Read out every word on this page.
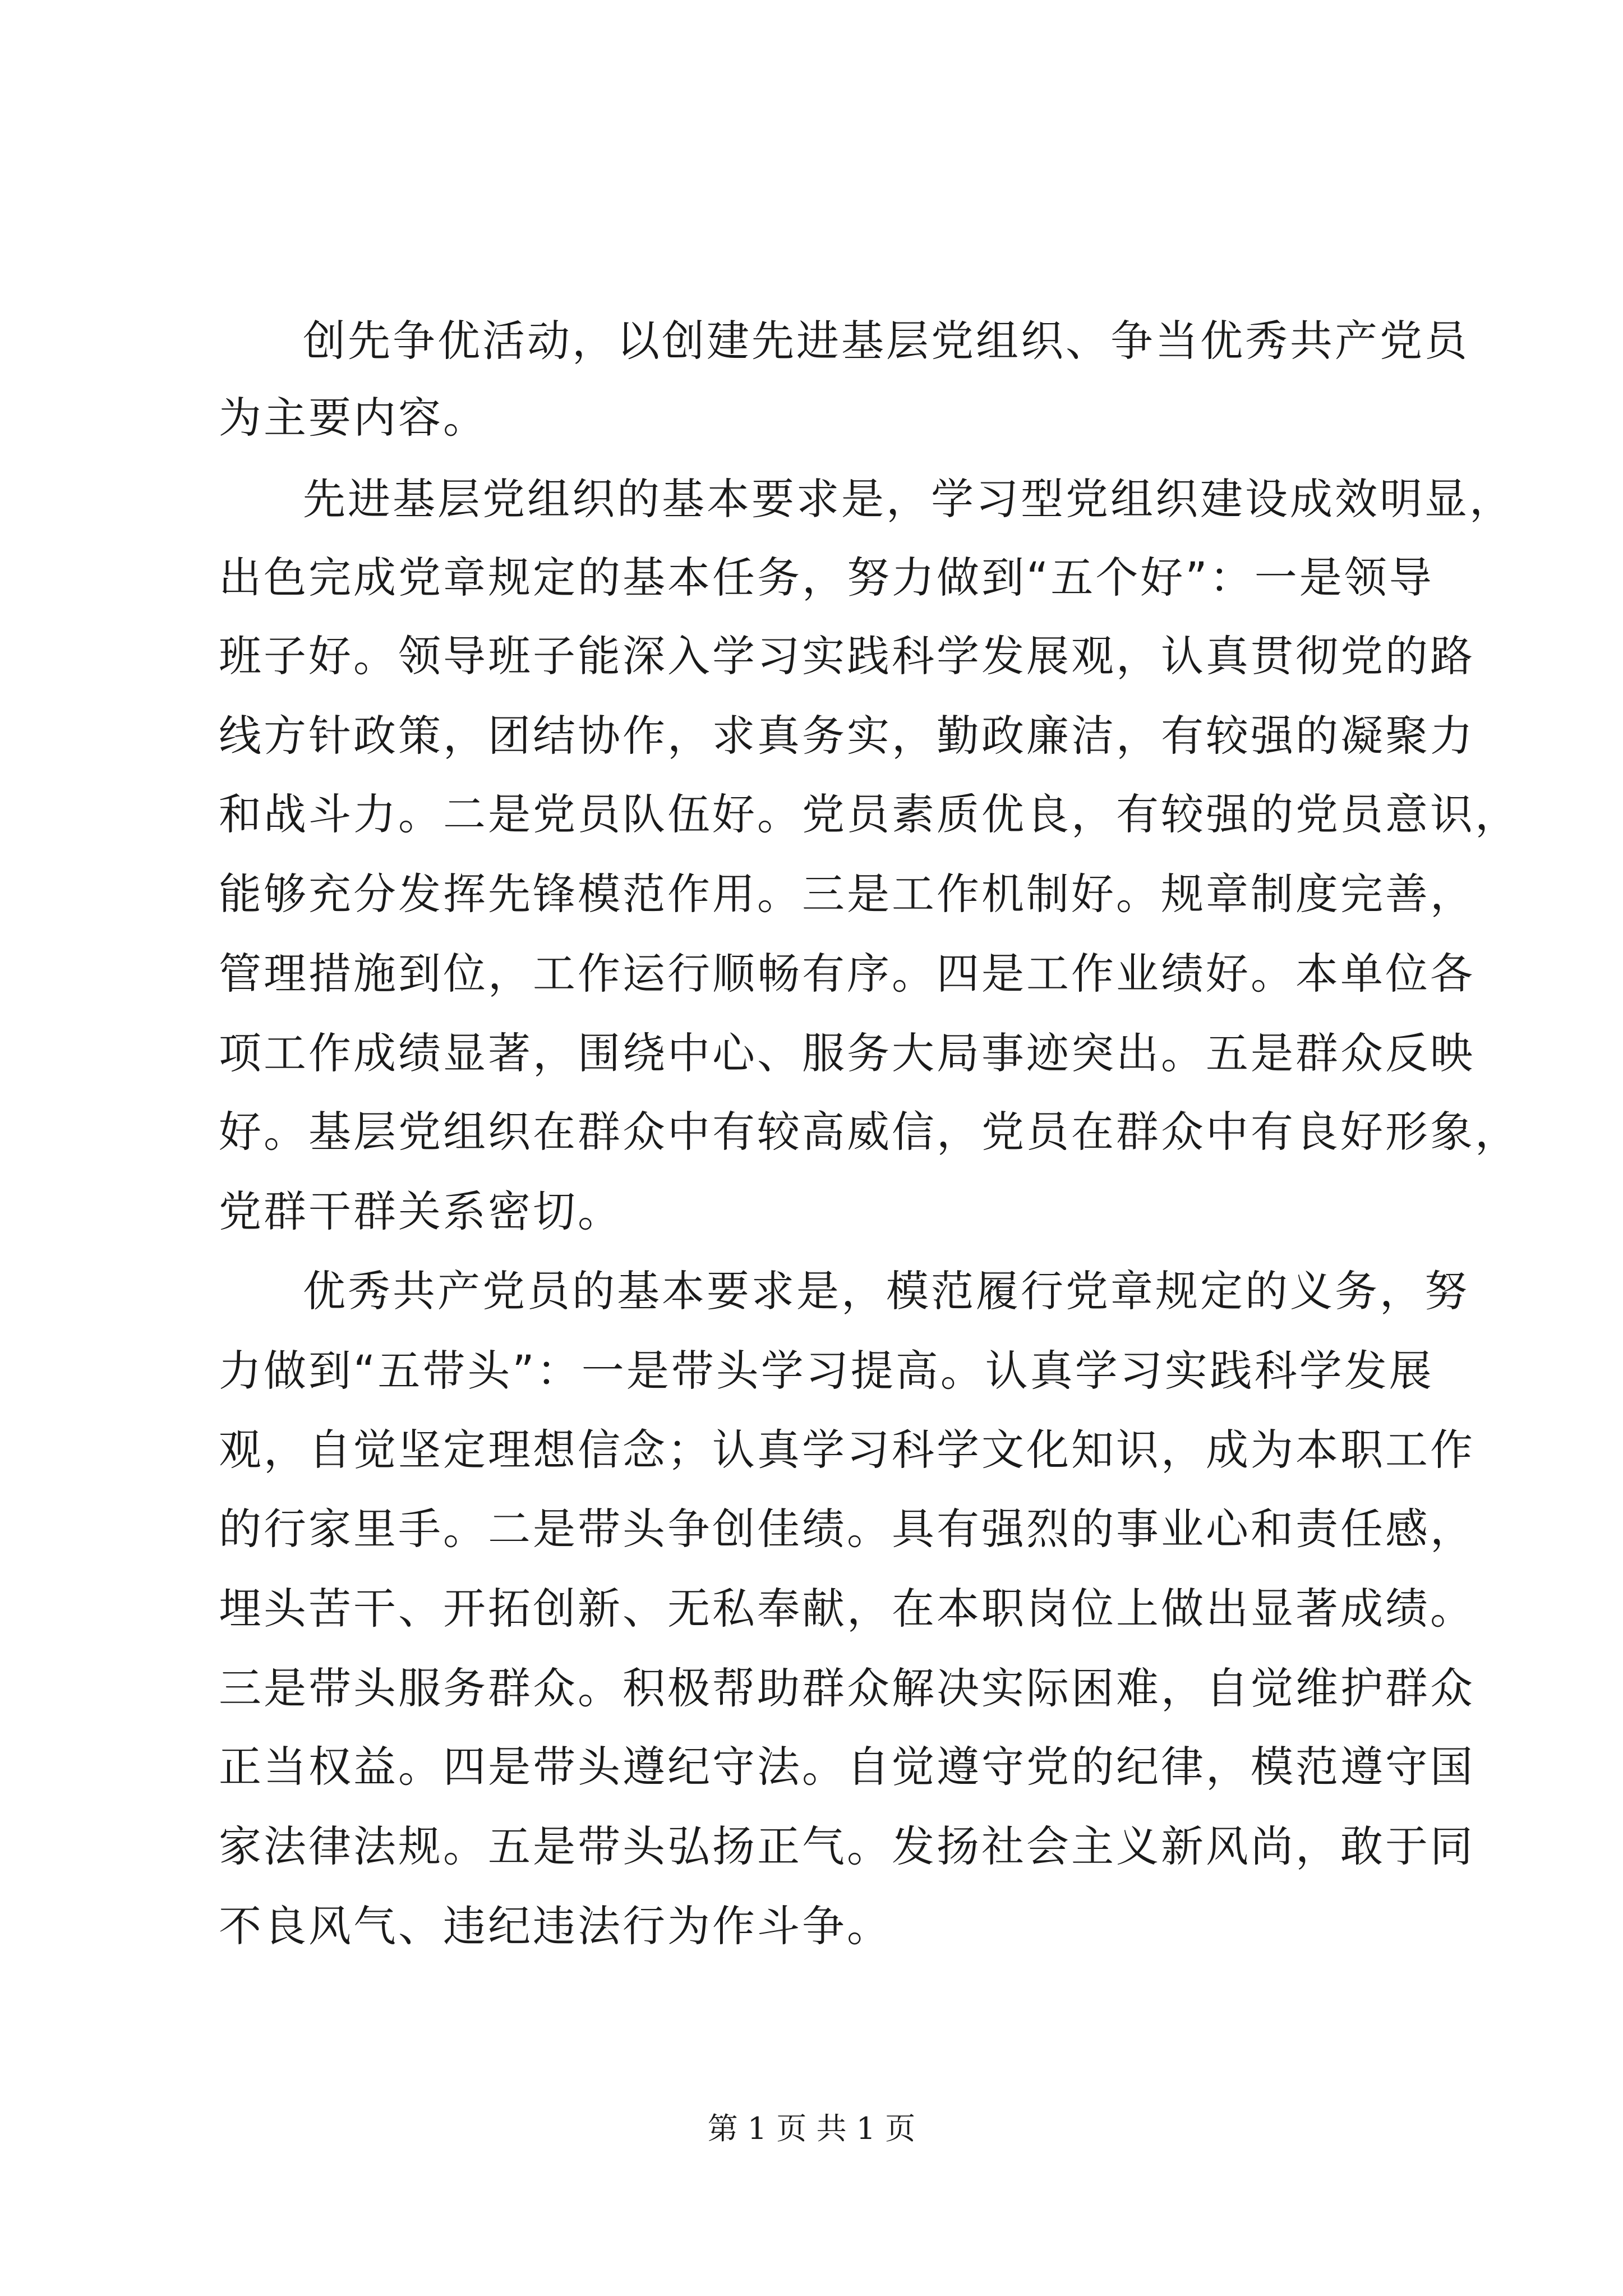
创先争优活动，以创建先进基层党组织、争当优秀共产党员
为主要内容。
先进基层党组织的基本要求是，学习型党组织建设成效明显，
出色完成党章规定的基本任务，努力做到“五个好”：一是领导
班子好。领导班子能深入学习实践科学发展观，认真贯彻党的路
线方针政策，团结协作，求真务实，勤政廉洁，有较强的凝聚力
和战斗力。二是党员队伍好。党员素质优良，有较强的党员意识，
能够充分发挥先锋模范作用。三是工作机制好。规章制度完善，
管理措施到位，工作运行顺畅有序。四是工作业绩好。本单位各
项工作成绩显著，围绕中心、服务大局事迹突出。五是群众反映
好。基层党组织在群众中有较高威信，党员在群众中有良好形象，
党群干群关系密切。
优秀共产党员的基本要求是，模范履行党章规定的义务，努
力做到“五带头”：一是带头学习提高。认真学习实践科学发展
观，自觉坚定理想信念；认真学习科学文化知识，成为本职工作
的行家里手。二是带头争创佳绩。具有强烈的事业心和责任感，
埋头苦干、开拓创新、无私奉献，在本职岗位上做出显著成绩。
三是带头服务群众。积极帮助群众解决实际困难，自觉维护群众
正当权益。四是带头遵纪守法。自觉遵守党的纪律，模范遵守国
家法律法规。五是带头弘扬正气。发扬社会主义新风尚，敢于同
不良风气、违纪违法行为作斗争。
第 1 页 共 1 页
